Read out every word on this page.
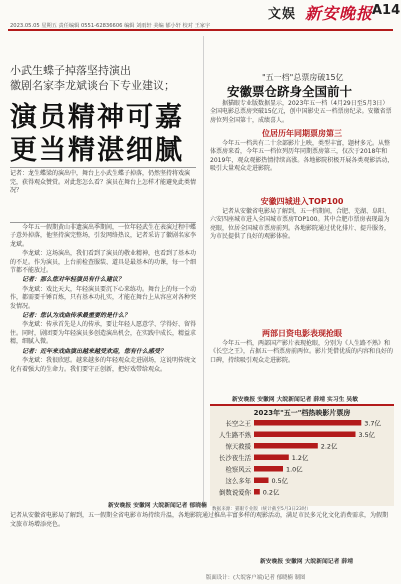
文娱 新安晚报
A14
2023.05.05 星期五 责任编辑 0551-62836606 编辑 刘雨轩 美编 郁小轩 校对 王家宇
小武生蝶子掉落坚持演出
徽剧名家李龙斌谈台下专业建议；
演员精神可嘉
更当精湛细腻

记者：龙生蝶梁的演出中，舞台上小武生蝶子掉落，仍然坚持将戏演完，获得观众赞赏。对此您怎么看？演员在舞台上怎样才能避免此类情况？

今年五一假期黄山非遗演出季期间，一位年轻武生在表演过程中蝶子意外掉落，他坚持演完整场，引发网络热议，记者采访了徽剧名家李龙斌。

李龙斌：这场演出，我们看到了演员的敬业精神，也看到了基本功的不足。作为演员，上台前检查服装、道具是最基本的功课，每一个细节都不能放过。

记者：那么您对年轻演员有什么建议？

李龙斌：戏比天大，年轻演员要沉下心来练功。舞台上的每一个动作，都需要千锤百炼，只有基本功扎实，才能在舞台上从容应对各种突发情况。

记者：您认为戏曲传承最重要的是什么？

李龙斌：传承首先是人的传承，要让年轻人愿意学、学得好、留得住。同时，剧团要为年轻演员多创造演出机会，在实践中成长，精益求精，细腻入微。

记者：近年来戏曲演出越来越受欢迎，您有什么感受？

李龙斌：我很欣慰。越来越多的年轻观众走进剧场，这说明传统文化有着强大的生命力。我们要守正创新，把好戏带给观众。

新安晚报 安徽网 大皖新闻记者 郁晓楠
"五一档"总票房破15亿
安徽票仓跻身全国前十

据猫眼专业版数据显示，2023年五一档（4月29日至5月3日）全国电影总票房突破15亿元，创中国影史五一档票房纪录。安徽省票房位列全国第十，成绩喜人。

位居历年同期票房第三

今年五一档共有二十余部影片上映，类型丰富，题材多元。从整体票房来看，今年五一档位列历年同期票房第三，仅次于2018年和2019年，观众观影热情持续高涨。各地影院积极开展各类观影活动，吸引大量观众走进影院。

安徽四城进入TOP100

记者从安徽省电影局了解到，五一档期间，合肥、芜湖、阜阳、六安四座城市进入全国城市票房TOP100。其中合肥市票房表现最为亮眼，位居全国城市票房前列。各地影院通过优化排片、提升服务，为市民提供了良好的观影体验。

两部日资电影表现抢眼

今年五一档，两部国产影片表现抢眼，分别为《人生路不熟》和《长空之王》，占据五一档票房前两位。影片凭借优质的内容和良好的口碑，持续吸引观众走进影院。

新安晚报 安徽网 大皖新闻记者 薛靖 实习生 吴敏
2023年"五一"档热映影片票房
长空之王	3.7亿
人生路不熟	3.5亿
惊天救援	2.2亿
长沙夜生活	1.2亿
检察风云	1.0亿
这么多年	0.5亿
倒数说爱你 0.2亿
数据来源：猫眼专业版（统计截至5月3日23时）
记者从安徽省电影局了解到，五一假期全省电影市场持续升温，各地影院通过推出丰富多样的观影活动，满足市民多元化文化消费需求，为假期文旅市场增添亮色。
新安晚报 安徽网 大皖新闻记者 薛靖
版面设计：(大皖客户端)记者 郁晓楠 制图
